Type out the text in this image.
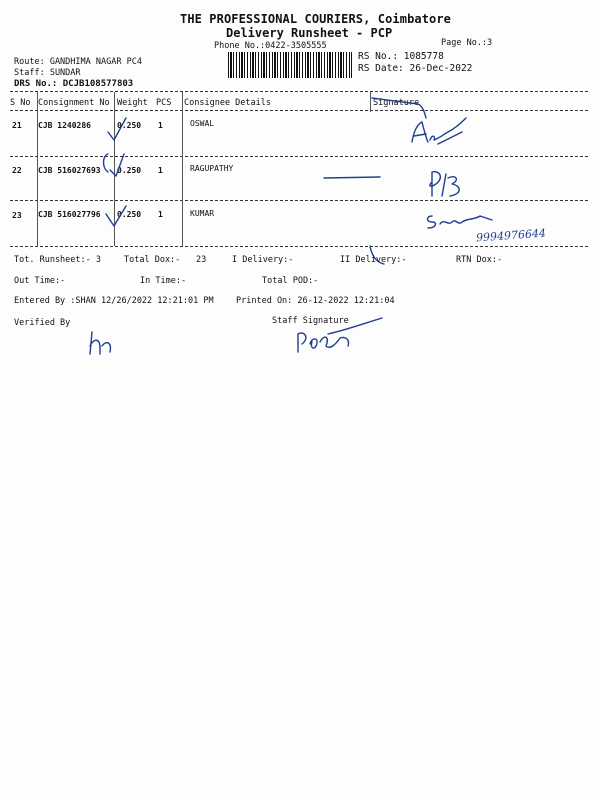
THE PROFESSIONAL COURIERS, Coimbatore
Delivery Runsheet - PCP
Phone No.:0422-3505555	Page No.:3
RS No.: 1085778
RS Date: 26-Dec-2022
Route: GANDHIMA NAGAR PC4
Staff: SUNDAR
DRS No.: DCJB108577803
S No Consignment No Weight PCS Consignee Details	Signature
21 CJB 1240286	0.250 1	OSWAL
22 CJB 516027693 0.250 1	RAGUPATHY
23 CJB 516027796 0.250 1	KUMAR
9994976644
Tot. Runsheet:- 3	Total Dox:- 23	I Delivery:-	II Delivery:-	RTN Dox:-
Out Time:-	In Time:-	Total POD:-
Entered By :SHAN 12/26/2022 12:21:01 PM	Printed On: 26-12-2022 12:21:04
Verified By	Staff Signature
